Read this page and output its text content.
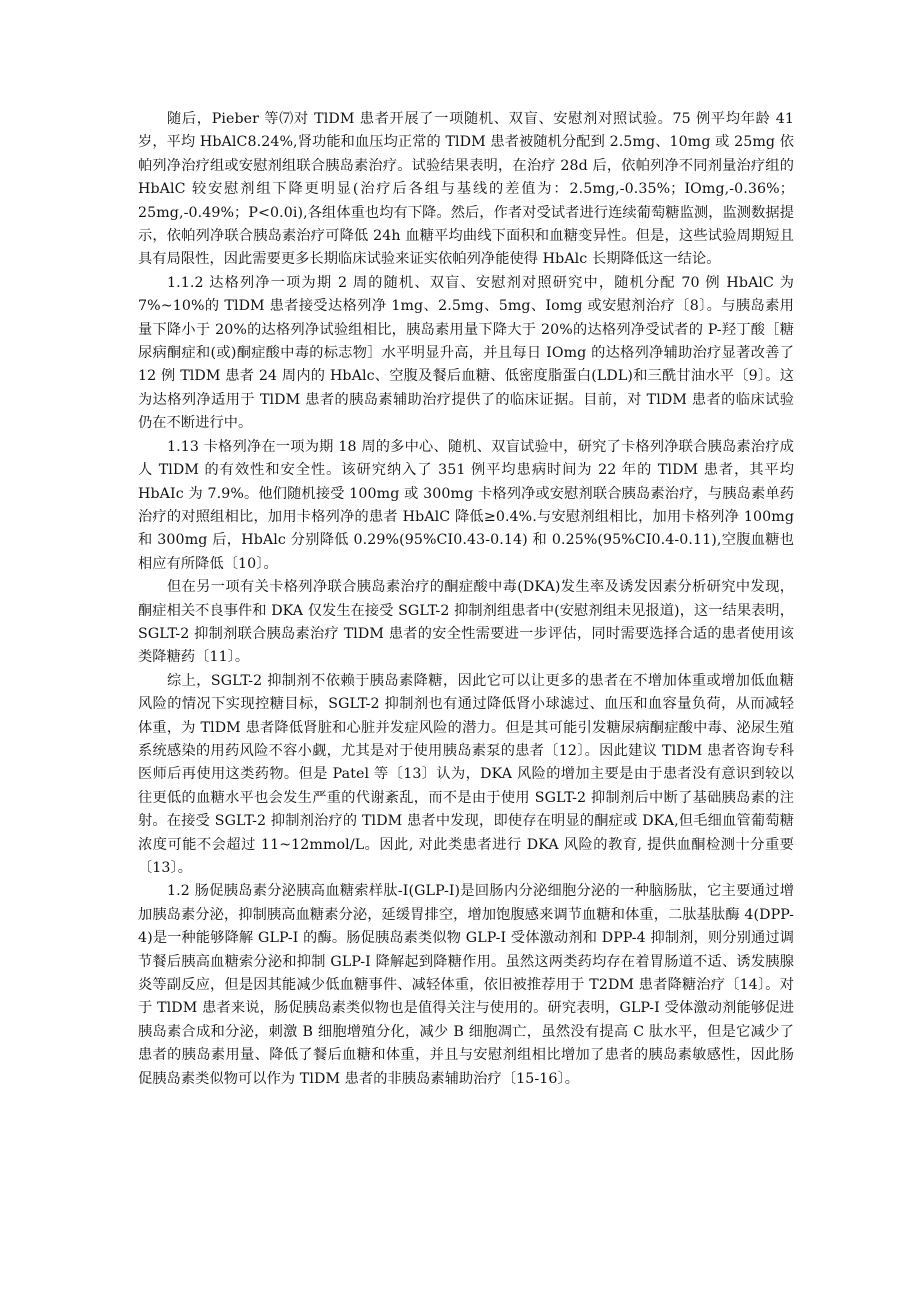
随后，Pieber 等⑺对 TlDM 患者开展了一项随机、双盲、安慰剂对照试验。75 例平均年龄 41 岁，平均 HbAlC8.24%,肾功能和血压均正常的 TlDM 患者被随机分配到 2.5mg、10mg 或 25mg 依帕列净治疗组或安慰剂组联合胰岛素治疗。试验结果表明，在治疗 28d 后，依帕列净不同剂量治疗组的 HbAlC 较安慰剂组下降更明显(治疗后各组与基线的差值为：2.5mg,-0.35%；IOmg,-0.36%；25mg,-0.49%；P<0.0i),各组体重也均有下降。然后，作者对受试者进行连续葡萄糖监测，监测数据提示，依帕列净联合胰岛素治疗可降低 24h 血糖平均曲线下面积和血糖变异性。但是，这些试验周期短且具有局限性，因此需要更多长期临床试验来证实依帕列净能使得 HbAlc 长期降低这一结论。

1.1.2 达格列净一项为期 2 周的随机、双盲、安慰剂对照研究中，随机分配 70 例 HbAlC 为 7%~10%的 TlDM 患者接受达格列净 1mg、2.5mg、5mg、Iomg 或安慰剂治疗〔8〕。与胰岛素用量下降小于 20%的达格列净试验组相比，胰岛素用量下降大于 20%的达格列净受试者的 P-羟丁酸［糖尿病酮症和(或)酮症酸中毒的标志物］水平明显升高，并且每日 IOmg 的达格列净辅助治疗显著改善了 12 例 TlDM 患者 24 周内的 HbAlc、空腹及餐后血糖、低密度脂蛋白(LDL)和三酰甘油水平〔9〕。这为达格列净适用于 TlDM 患者的胰岛素辅助治疗提供了的临床证据。目前，对 TlDM 患者的临床试验仍在不断进行中。

1.13 卡格列净在一项为期 18 周的多中心、随机、双盲试验中，研究了卡格列净联合胰岛素治疗成人 TlDM 的有效性和安全性。该研究纳入了 351 例平均患病时间为 22 年的 TlDM 患者，其平均 HbAIc 为 7.9%。他们随机接受 100mg 或 300mg 卡格列净或安慰剂联合胰岛素治疗，与胰岛素单药治疗的对照组相比，加用卡格列净的患者 HbAlC 降低≥0.4%.与安慰剂组相比，加用卡格列净 100mg 和 300mg 后，HbAlc 分别降低 0.29%(95%CI0.43-0.14) 和 0.25%(95%CI0.4-0.11),空腹血糖也相应有所降低〔10〕。

但在另一项有关卡格列净联合胰岛素治疗的酮症酸中毒(DKA)发生率及诱发因素分析研究中发现，酮症相关不良事件和 DKA 仅发生在接受 SGLT-2 抑制剂组患者中(安慰剂组未见报道)，这一结果表明，SGLT-2 抑制剂联合胰岛素治疗 TlDM 患者的安全性需要进一步评估，同时需要选择合适的患者使用该类降糖药〔11〕。

综上，SGLT-2 抑制剂不依赖于胰岛素降糖，因此它可以让更多的患者在不增加体重或增加低血糖风险的情况下实现控糖目标，SGLT-2 抑制剂也有通过降低肾小球滤过、血压和血容量负荷，从而减轻体重，为 TlDM 患者降低肾脏和心脏并发症风险的潜力。但是其可能引发糖尿病酮症酸中毒、泌尿生殖系统感染的用药风险不容小觑，尤其是对于使用胰岛素泵的患者〔12〕。因此建议 TlDM 患者咨询专科医师后再使用这类药物。但是 Patel 等〔13〕认为，DKA 风险的增加主要是由于患者没有意识到较以往更低的血糖水平也会发生严重的代谢紊乱，而不是由于使用 SGLT-2 抑制剂后中断了基础胰岛素的注射。在接受 SGLT-2 抑制剂治疗的 TlDM 患者中发现，即使存在明显的酮症或 DKA,但毛细血管葡萄糖浓度可能不会超过 11~12mmol/L。因此, 对此类患者进行 DKA 风险的教育, 提供血酮检测十分重要〔13〕。

1.2 肠促胰岛素分泌胰高血糖索样肽-I(GLP-I)是回肠内分泌细胞分泌的一种脑肠肽，它主要通过增加胰岛素分泌，抑制胰高血糖素分泌，延缓胃排空，增加饱腹感来调节血糖和体重，二肽基肽酶 4(DPP-4)是一种能够降解 GLP-I 的酶。肠促胰岛素类似物 GLP-I 受体激动剂和 DPP-4 抑制剂，则分别通过调节餐后胰高血糖索分泌和抑制 GLP-I 降解起到降糖作用。虽然这两类药均存在着胃肠道不适、诱发胰腺炎等副反应，但是因其能减少低血糖事件、减轻体重，依旧被推荐用于 T2DM 患者降糖治疗〔14〕。对于 TlDM 患者来说，肠促胰岛素类似物也是值得关注与使用的。研究表明，GLP-I 受体激动剂能够促进胰岛素合成和分泌，刺激 B 细胞增殖分化，减少 B 细胞凋亡，虽然没有提高 C 肽水平，但是它减少了患者的胰岛素用量、降低了餐后血糖和体重，并且与安慰剂组相比增加了患者的胰岛素敏感性，因此肠促胰岛素类似物可以作为 TlDM 患者的非胰岛素辅助治疗〔15-16〕。
